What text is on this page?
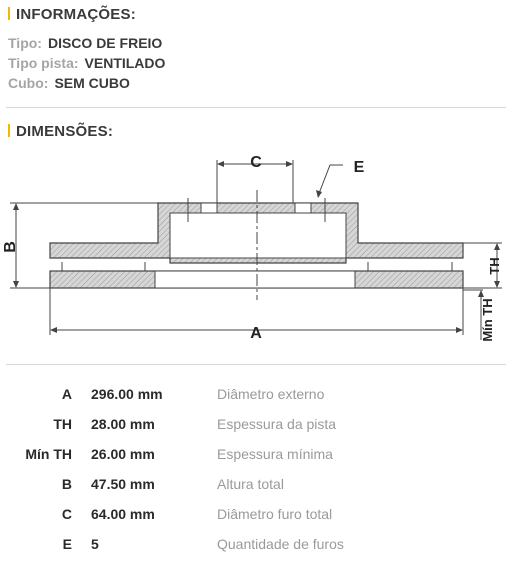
INFORMAÇÕES:
Tipo: DISCO DE FREIO
Tipo pista: VENTILADO
Cubo: SEM CUBO
DIMENSÕES:
C	E
B
TH
Mín TH
A
A 296.00 mm	Diâmetro externo
TH 28.00 mm	Espessura da pista
Mín TH 26.00 mm	Espessura mínima
B 47.50 mm	Altura total
C 64.00 mm	Diâmetro furo total
E 5	Quantidade de furos
